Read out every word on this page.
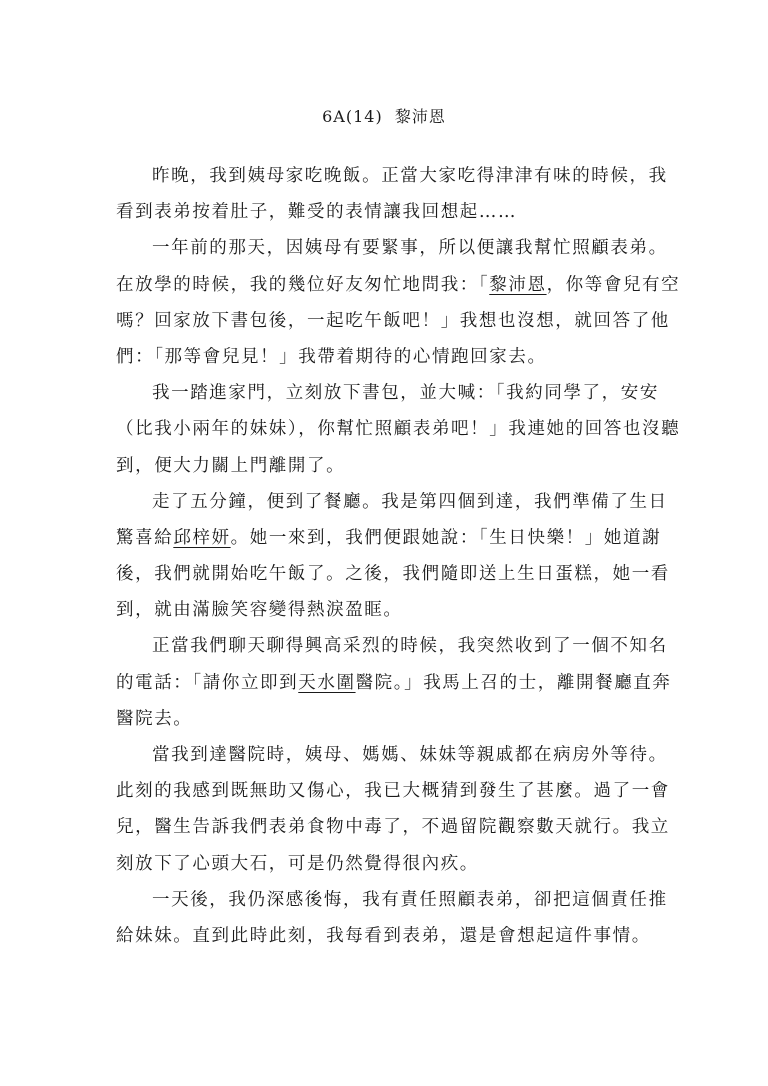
6A(14)  黎沛恩
昨晚，我到姨母家吃晚飯。正當大家吃得津津有味的時候，我
看到表弟按着肚子，難受的表情讓我回想起……
一年前的那天，因姨母有要緊事，所以便讓我幫忙照顧表弟。
在放學的時候，我的幾位好友匆忙地問我：「黎沛恩，你等會兒有空
嗎？回家放下書包後，一起吃午飯吧！」我想也沒想，就回答了他
們：「那等會兒見！」我帶着期待的心情跑回家去。
我一踏進家門，立刻放下書包，並大喊：「我約同學了，安安
（比我小兩年的妹妹），你幫忙照顧表弟吧！」我連她的回答也沒聽
到，便大力關上門離開了。
走了五分鐘，便到了餐廳。我是第四個到達，我們準備了生日
驚喜給邱梓妍。她一來到，我們便跟她說：「生日快樂！」她道謝
後，我們就開始吃午飯了。之後，我們隨即送上生日蛋糕，她一看
到，就由滿臉笑容變得熱淚盈眶。
正當我們聊天聊得興高采烈的時候，我突然收到了一個不知名
的電話：「請你立即到天水圍醫院。」我馬上召的士，離開餐廳直奔
醫院去。
當我到達醫院時，姨母、媽媽、妹妹等親戚都在病房外等待。
此刻的我感到既無助又傷心，我已大概猜到發生了甚麼。過了一會
兒，醫生告訴我們表弟食物中毒了，不過留院觀察數天就行。我立
刻放下了心頭大石，可是仍然覺得很內疚。
一天後，我仍深感後悔，我有責任照顧表弟，卻把這個責任推
給妹妹。直到此時此刻，我每看到表弟，還是會想起這件事情。
